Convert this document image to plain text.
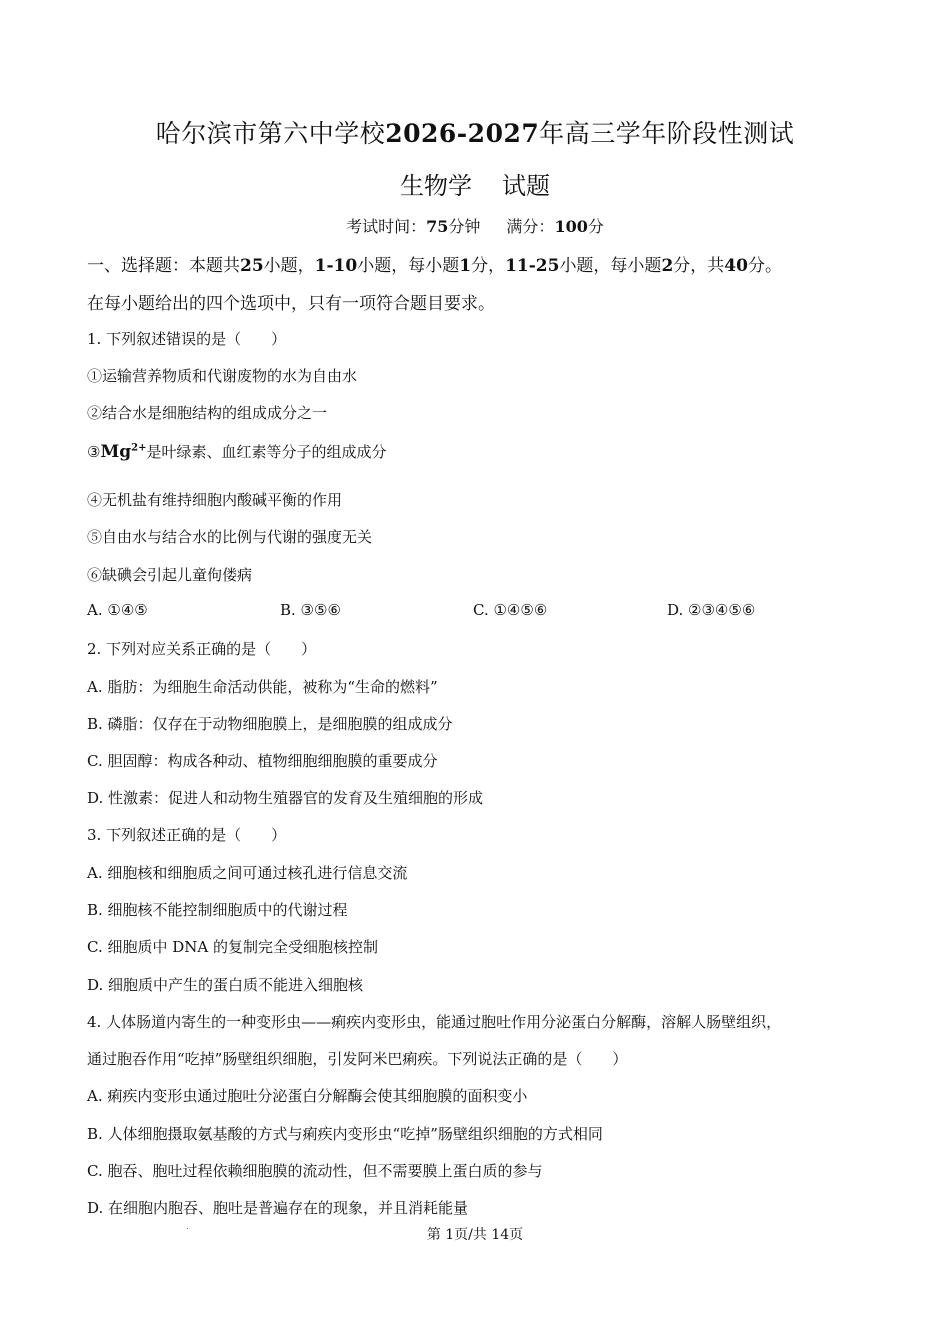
哈尔滨市第六中学校2026-2027年高三学年阶段性测试
生物学 试题
考试时间：75分钟 满分：100分
一、选择题：本题共25小题，1-10小题，每小题1分，11-25小题，每小题2分，共40分。
在每小题给出的四个选项中，只有一项符合题目要求。
1. 下列叙述错误的是（　　）
①运输营养物质和代谢废物的水为自由水
②结合水是细胞结构的组成成分之一
$③Mg^{2+}$是叶绿素、血红素等分子的组成成分
④无机盐有维持细胞内酸碱平衡的作用
⑤自由水与结合水的比例与代谢的强度无关
⑥缺碘会引起儿童佝偻病
A. ①④⑤	B. ③⑤⑥	C. ①④⑤⑥	D. ②③④⑤⑥
2. 下列对应关系正确的是（　　）
A. 脂肪：为细胞生命活动供能，被称为“生命的燃料”
B. 磷脂：仅存在于动物细胞膜上，是细胞膜的组成成分
C. 胆固醇：构成各种动、植物细胞细胞膜的重要成分
D. 性激素：促进人和动物生殖器官的发育及生殖细胞的形成
3. 下列叙述正确的是（　　）
A. 细胞核和细胞质之间可通过核孔进行信息交流
B. 细胞核不能控制细胞质中的代谢过程
C. 细胞质中 DNA 的复制完全受细胞核控制
D. 细胞质中产生的蛋白质不能进入细胞核
4. 人体肠道内寄生的一种变形虫——痢疾内变形虫，能通过胞吐作用分泌蛋白分解酶，溶解人肠壁组织，
通过胞吞作用“吃掉”肠壁组织细胞，引发阿米巴痢疾。下列说法正确的是（　　）
A. 痢疾内变形虫通过胞吐分泌蛋白分解酶会使其细胞膜的面积变小
B. 人体细胞摄取氨基酸的方式与痢疾内变形虫“吃掉”肠壁组织细胞的方式相同
C. 胞吞、胞吐过程依赖细胞膜的流动性，但不需要膜上蛋白质的参与
D. 在细胞内胞吞、胞吐是普遍存在的现象，并且消耗能量
.	第 1页/共 14页
